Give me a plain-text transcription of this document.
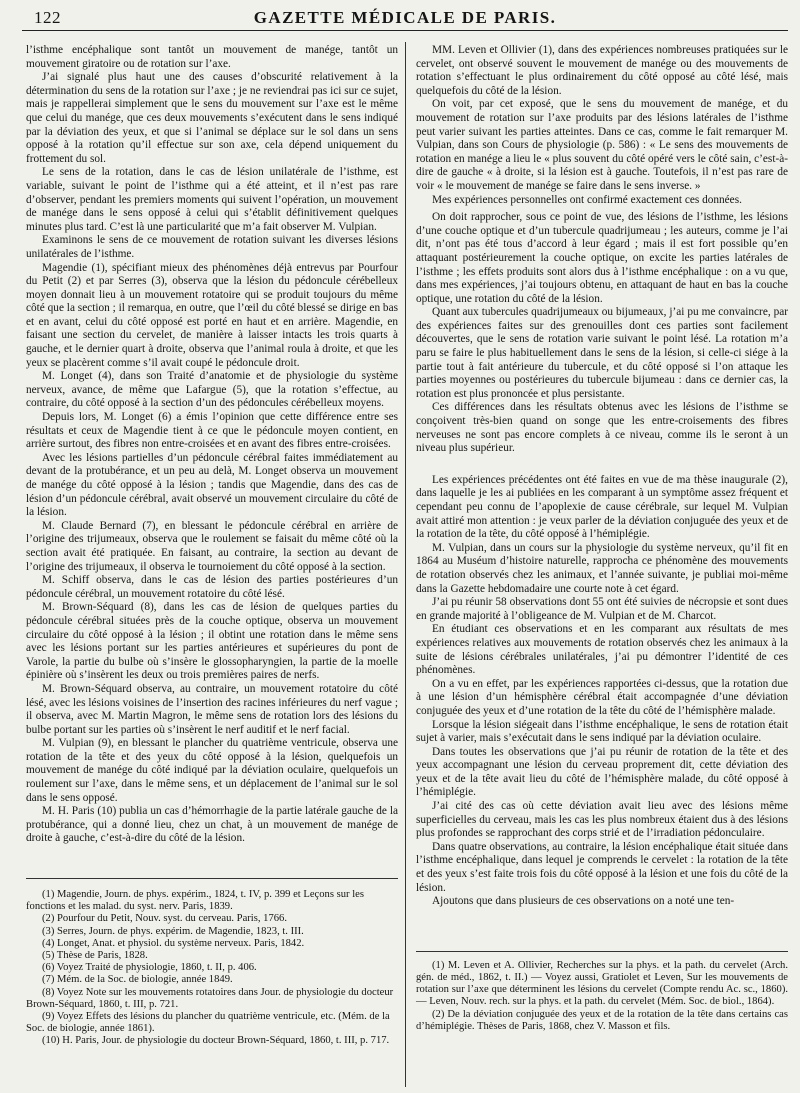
122	GAZETTE MÉDICALE DE PARIS.

l’isthme encéphalique sont tantôt un mouvement de manége, tantôt un mouvement giratoire ou de rotation sur l’axe.

J’ai signalé plus haut une des causes d’obscurité relativement à la détermination du sens de la rotation sur l’axe ; je ne reviendrai pas ici sur ce sujet, mais je rappellerai simplement que le sens du mouvement sur l’axe est le même que celui du manége, que ces deux mouvements s’exécutent dans le sens indiqué par la déviation des yeux, et que si l’animal se déplace sur le sol dans un sens opposé à la rotation qu’il effectue sur son axe, cela dépend uniquement du frottement du sol.

Le sens de la rotation, dans le cas de lésion unilatérale de l’isthme, est variable, suivant le point de l’isthme qui a été atteint, et il n’est pas rare d’observer, pendant les premiers moments qui suivent l’opération, un mouvement de manége dans le sens opposé à celui qui s’établit définitivement quelques minutes plus tard. C’est là une particularité que m’a fait observer M. Vulpian.

Examinons le sens de ce mouvement de rotation suivant les diverses lésions unilatérales de l’isthme.

Magendie (1), spécifiant mieux des phénomènes déjà entrevus par Pourfour du Petit (2) et par Serres (3), observa que la lésion du pédoncule cérébelleux moyen donnait lieu à un mouvement rotatoire qui se produit toujours du même côté que la section ; il remarqua, en outre, que l’œil du côté blessé se dirige en bas et en avant, celui du côté opposé est porté en haut et en arrière. Magendie, en faisant une section du cervelet, de manière à laisser intacts les trois quarts à gauche, et le dernier quart à droite, observa que l’animal roula à droite, et que les yeux se placèrent comme s’il avait coupé le pédoncule droit.

M. Longet (4), dans son Traité d’anatomie et de physiologie du système nerveux, avance, de même que Lafargue (5), que la rotation s’effectue, au contraire, du côté opposé à la section d’un des pédoncules cérébelleux moyens.

Depuis lors, M. Longet (6) a émis l’opinion que cette différence entre ses résultats et ceux de Magendie tient à ce que le pédoncule moyen contient, en arrière surtout, des fibres non entre-croisées et en avant des fibres entre-croisées.

Avec les lésions partielles d’un pédoncule cérébral faites immédiatement au devant de la protubérance, et un peu au delà, M. Longet observa un mouvement de manége du côté opposé à la lésion ; tandis que Magendie, dans des cas de lésion d’un pédoncule cérébral, avait observé un mouvement circulaire du côté de la lésion.

M. Claude Bernard (7), en blessant le pédoncule cérébral en arrière de l’origine des trijumeaux, observa que le roulement se faisait du même côté où la section avait été pratiquée. En faisant, au contraire, la section au devant de l’origine des trijumeaux, il observa le tournoiement du côté opposé à la section.

M. Schiff observa, dans le cas de lésion des parties postérieures d’un pédoncule cérébral, un mouvement rotatoire du côté lésé.

M. Brown-Séquard (8), dans les cas de lésion de quelques parties du pédoncule cérébral situées près de la couche optique, observa un mouvement circulaire du côté opposé à la lésion ; il obtint une rotation dans le même sens avec les lésions portant sur les parties antérieures et supérieures du pont de Varole, la partie du bulbe où s’insère le glossopharyngien, la partie de la moelle épinière où s’insèrent les deux ou trois premières paires de nerfs.

M. Brown-Séquard observa, au contraire, un mouvement rotatoire du côté lésé, avec les lésions voisines de l’insertion des racines inférieures du nerf vague ; il observa, avec M. Martin Magron, le même sens de rotation lors des lésions du bulbe portant sur les parties où s’insèrent le nerf auditif et le nerf facial.

M. Vulpian (9), en blessant le plancher du quatrième ventricule, observa une rotation de la tête et des yeux du côté opposé à la lésion, quelquefois un mouvement de manége du côté indiqué par la déviation oculaire, quelquefois un roulement sur l’axe, dans le même sens, et un déplacement de l’animal sur le sol dans le sens opposé.

M. H. Paris (10) publia un cas d’hémorrhagie de la partie latérale gauche de la protubérance, qui a donné lieu, chez un chat, à un mouvement de manége de droite à gauche, c’est-à-dire du côté de la lésion.

(1) Magendie, Journ. de phys. expérim., 1824, t. IV, p. 399 et Leçons sur les fonctions et les malad. du syst. nerv. Paris, 1839.

(2) Pourfour du Petit, Nouv. syst. du cerveau. Paris, 1766.

(3) Serres, Journ. de phys. expérim. de Magendie, 1823, t. III.

(4) Longet, Anat. et physiol. du système nerveux. Paris, 1842.

(5) Thèse de Paris, 1828.

(6) Voyez Traité de physiologie, 1860, t. II, p. 406.

(7) Mém. de la Soc. de biologie, année 1849.

(8) Voyez Note sur les mouvements rotatoires dans Jour. de physiologie du docteur Brown-Séquard, 1860, t. III, p. 721.

(9) Voyez Effets des lésions du plancher du quatrième ventricule, etc. (Mém. de la Soc. de biologie, année 1861).

(10) H. Paris, Jour. de physiologie du docteur Brown-Séquard, 1860, t. III, p. 717.

MM. Leven et Ollivier (1), dans des expériences nombreuses pratiquées sur le cervelet, ont observé souvent le mouvement de manége ou des mouvements de rotation s’effectuant le plus ordinairement du côté opposé au côté lésé, mais quelquefois du côté de la lésion.

On voit, par cet exposé, que le sens du mouvement de manége, et du mouvement de rotation sur l’axe produits par des lésions latérales de l’isthme peut varier suivant les parties atteintes. Dans ce cas, comme le fait remarquer M. Vulpian, dans son Cours de physiologie (p. 586) : « Le sens des mouvements de rotation en manége a lieu le « plus souvent du côté opéré vers le côté sain, c’est-à-dire de gauche « à droite, si la lésion est à gauche. Toutefois, il n’est pas rare de voir « le mouvement de manége se faire dans le sens inverse. »

Mes expériences personnelles ont confirmé exactement ces données.

On doit rapprocher, sous ce point de vue, des lésions de l’isthme, les lésions d’une couche optique et d’un tubercule quadrijumeau ; les auteurs, comme je l’ai dit, n’ont pas été tous d’accord à leur égard ; mais il est fort possible qu’en attaquant postérieurement la couche optique, on excite les parties latérales de l’isthme ; les effets produits sont alors dus à l’isthme encéphalique : on a vu que, dans mes expériences, j’ai toujours obtenu, en attaquant de haut en bas la couche optique, une rotation du côté de la lésion.

Quant aux tubercules quadrijumeaux ou bijumeaux, j’ai pu me convaincre, par des expériences faites sur des grenouilles dont ces parties sont facilement découvertes, que le sens de rotation varie suivant le point lésé. La rotation m’a paru se faire le plus habituellement dans le sens de la lésion, si celle-ci siége à la partie tout à fait antérieure du tubercule, et du côté opposé si l’on attaque les parties moyennes ou postérieures du tubercule bijumeau : dans ce dernier cas, la rotation est plus prononcée et plus persistante.

Ces différences dans les résultats obtenus avec les lésions de l’isthme se conçoivent très-bien quand on songe que les entre-croisements des fibres nerveuses ne sont pas encore complets à ce niveau, comme ils le seront à un niveau plus supérieur.

Les expériences précédentes ont été faites en vue de ma thèse inaugurale (2), dans laquelle je les ai publiées en les comparant à un symptôme assez fréquent et cependant peu connu de l’apoplexie de cause cérébrale, sur lequel M. Vulpian avait attiré mon attention : je veux parler de la déviation conjuguée des yeux et de la rotation de la tête, du côté opposé à l’hémiplégie.

M. Vulpian, dans un cours sur la physiologie du système nerveux, qu’il fit en 1864 au Muséum d’histoire naturelle, rapprocha ce phénomène des mouvements de rotation observés chez les animaux, et l’année suivante, je publiai moi-même dans la Gazette hebdomadaire une courte note à cet égard.

J’ai pu réunir 58 observations dont 55 ont été suivies de nécropsie et sont dues en grande majorité à l’obligeance de M. Vulpian et de M. Charcot.

En étudiant ces observations et en les comparant aux résultats de mes expériences relatives aux mouvements de rotation observés chez les animaux à la suite de lésions cérébrales unilatérales, j’ai pu démontrer l’identité de ces phénomènes.

On a vu en effet, par les expériences rapportées ci-dessus, que la rotation due à une lésion d’un hémisphère cérébral était accompagnée d’une déviation conjuguée des yeux et d’une rotation de la tête du côté de l’hémisphère malade.

Lorsque la lésion siégeait dans l’isthme encéphalique, le sens de rotation était sujet à varier, mais s’exécutait dans le sens indiqué par la déviation oculaire.

Dans toutes les observations que j’ai pu réunir de rotation de la tête et des yeux accompagnant une lésion du cerveau proprement dit, cette déviation des yeux et de la tête avait lieu du côté de l’hémisphère malade, du côté opposé à l’hémiplégie.

J’ai cité des cas où cette déviation avait lieu avec des lésions même superficielles du cerveau, mais les cas les plus nombreux étaient dus à des lésions plus profondes se rapprochant des corps strié et de l’irradiation pédonculaire.

Dans quatre observations, au contraire, la lésion encéphalique était située dans l’isthme encéphalique, dans lequel je comprends le cervelet : la rotation de la tête et des yeux s’est faite trois fois du côté opposé à la lésion et une fois du côté de la lésion.

Ajoutons que dans plusieurs de ces observations on a noté une ten-

(1) M. Leven et A. Ollivier, Recherches sur la phys. et la path. du cervelet (Arch. gén. de méd., 1862, t. II.) — Voyez aussi, Gratiolet et Leven, Sur les mouvements de rotation sur l’axe que déterminent les lésions du cervelet (Compte rendu Ac. sc., 1860). — Leven, Nouv. rech. sur la phys. et la path. du cervelet (Mém. Soc. de biol., 1864).

(2) De la déviation conjuguée des yeux et de la rotation de la tête dans certains cas d’hémiplégie. Thèses de Paris, 1868, chez V. Masson et fils.
